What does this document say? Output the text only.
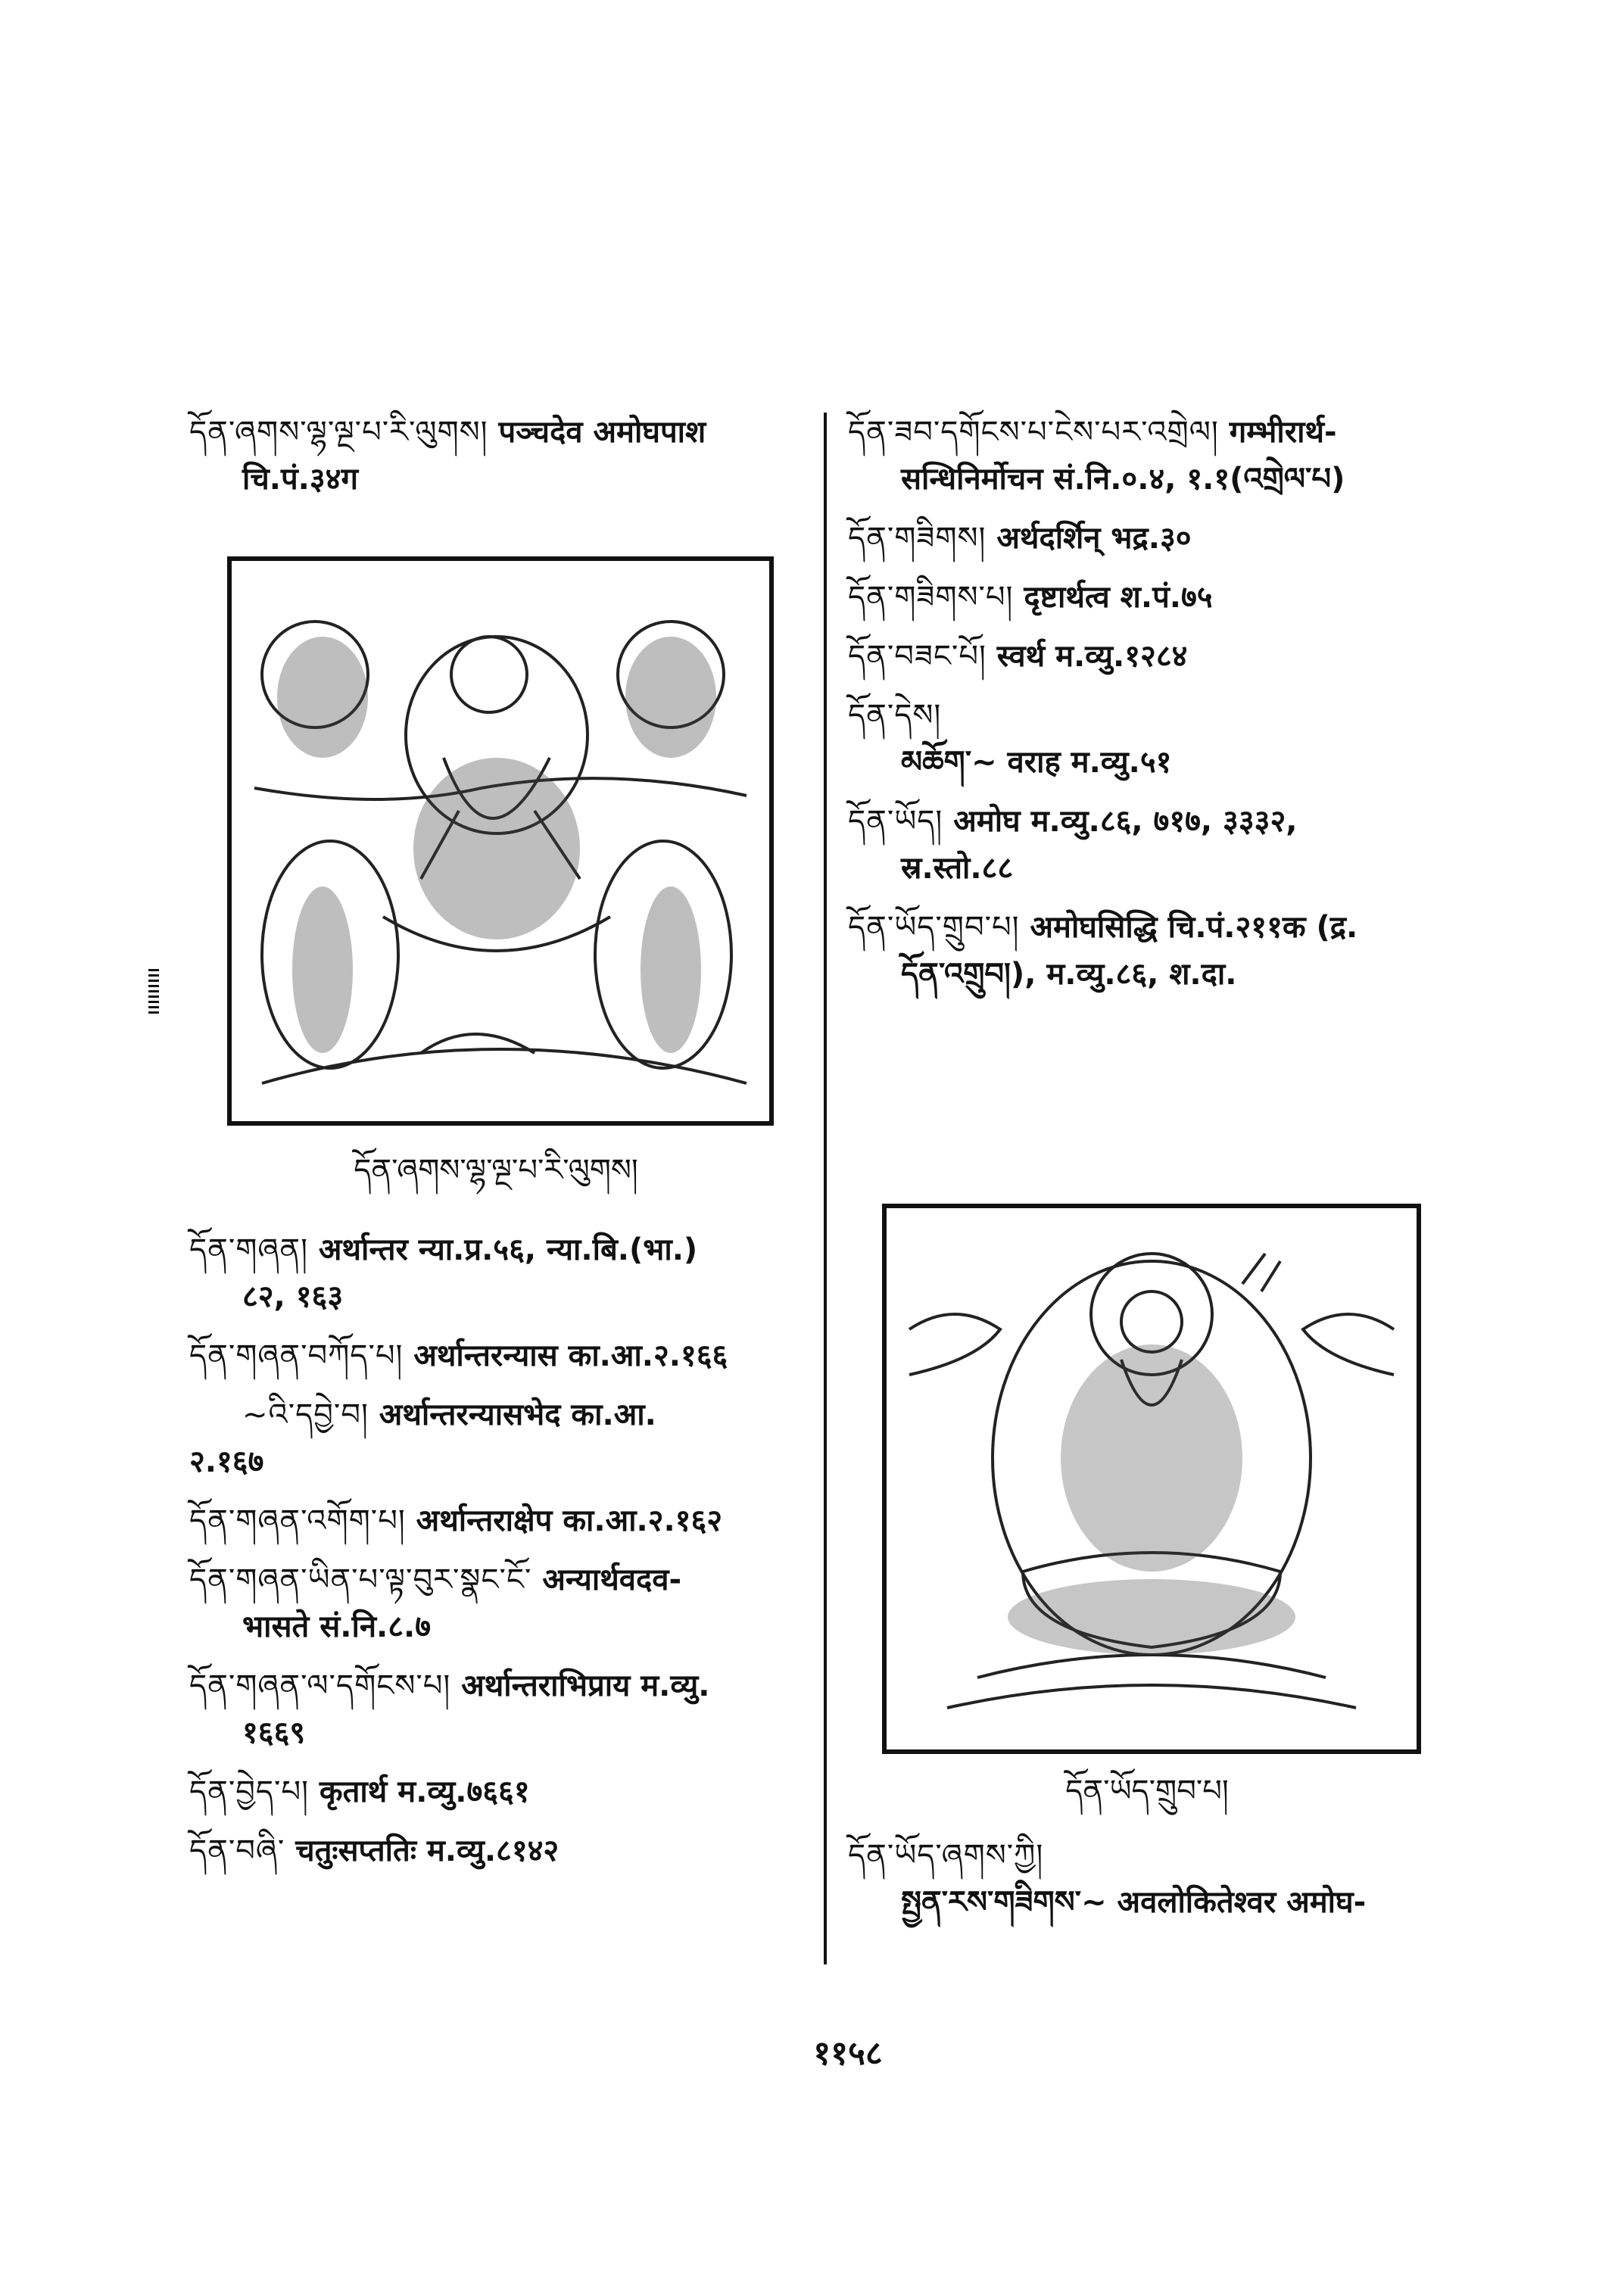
དོན་ཞགས་ལྷ་ལྔ་པ་རི་ལུགས། पञ्चदेव अमोघपाश
चि.पं.३४ग
དོན་ཞགས་ལྷ་ལྔ་པ་རི་ལུགས།
དོན་གཞན། अर्थान्तर न्या.प्र.५६, न्या.बि.(भा.)
८२, १६३
དོན་གཞན་བཀོད་པ། अर्थान्तरन्यास का.आ.२.१६६
~འི་དབྱེ་བ། अर्थान्तरन्यासभेद का.आ.
२.१६७
དོན་གཞན་འགོག་པ། अर्थान्तराक्षेप का.आ.२.१६२
དོན་གཞན་ཡིན་པ་ལྟ་བུར་སྣང་ངོ་ अन्यार्थवदव-
भासते सं.नि.८.७
དོན་གཞན་ལ་དགོངས་པ། अर्थान्तराभिप्राय म.व्यु.
१६६९
དོན་བྱེད་པ། कृतार्थ म.व्यु.७६६१
དོན་བཞི་ चतुःसप्ततिः म.व्यु.८१४२
དོན་ཟབ་དགོངས་པ་ངེས་པར་འགྲེལ། गम्भीरार्थ-
सन्धिनिर्मोचन सं.नि.०.४, १.१(འགྲེལ་པ)
དོན་གཟིགས། अर्थदर्शिन् भद्र.३०
དོན་གཟིགས་པ། दृष्टार्थत्व श.पं.७५
དོན་བཟང་པོ། स्वर्थ म.व्यु.१२८४
དོན་དེས།
མཆོག་~ वराह म.व्यु.५१
དོན་ཡོད། अमोघ म.व्यु.८६, ७१७, ३३३२,
स्र.स्तो.८८
དོན་ཡོད་གྲུབ་པ། अमोघसिद्धि चि.पं.२११क (द्र.
དོན་འགྲུབ།), म.व्यु.८६, श.दा.
དོན་ཡོད་གྲུབ་པ།
དོན་ཡོད་ཞགས་ཀྱི།
སྤྱན་རས་གཟིགས་~ अवलोकितेश्वर अमोघ-
११५८
